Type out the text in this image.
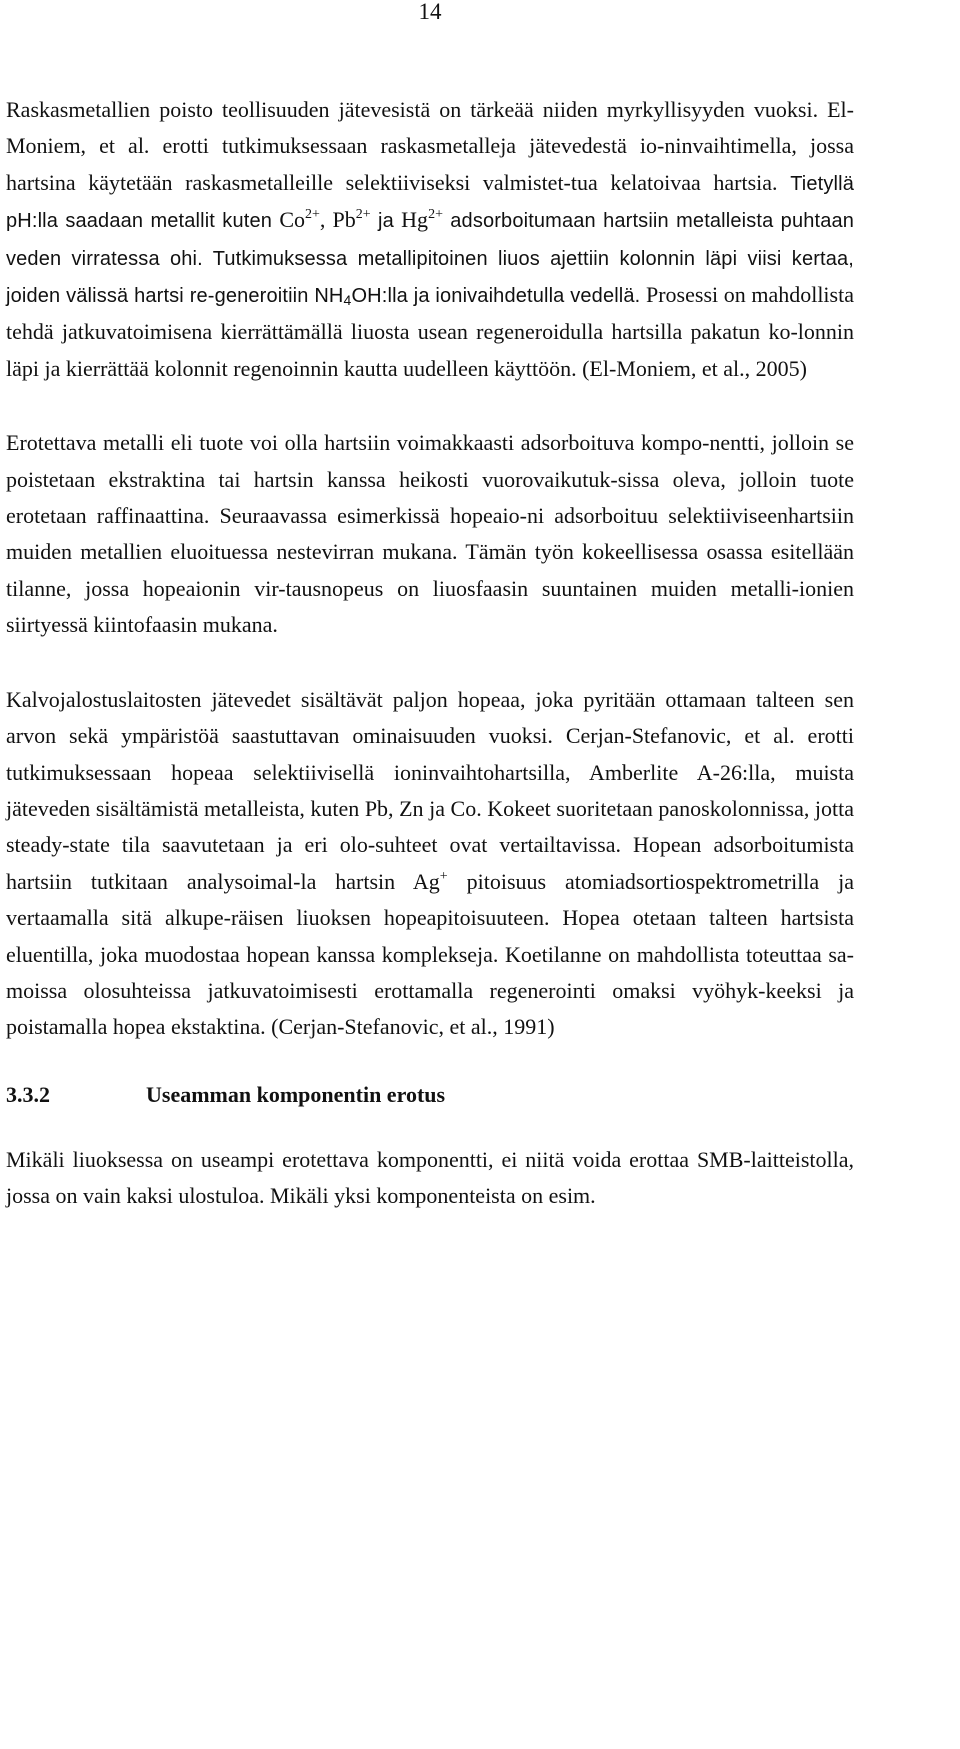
14

Raskasmetallien poisto teollisuuden jätevesistä on tärkeää niiden myrkyllisyyden vuoksi. El-Moniem, et al. erotti tutkimuksessaan raskasmetalleja jätevedestä io-ninvaihtimella, jossa hartsina käytetään raskasmetalleille selektiiviseksi valmistet-tua kelatoivaa hartsia. Tietyllä pH:lla saadaan metallit kuten $Co^{2+}$, $Pb^{2+}$ ja $Hg^{2+}$ adsorboitumaan hartsiin metalleista puhtaan veden virratessa ohi. Tutkimuksessa metallipitoinen liuos ajettiin kolonnin läpi viisi kertaa, joiden välissä hartsi re-generoitiin $NH_4OH:lla$ ja ionivaihdetulla vedellä. Prosessi on mahdollista tehdä jatkuvatoimisena kierrättämällä liuosta usean regeneroidulla hartsilla pakatun ko-lonnin läpi ja kierrättää kolonnit regenoinnin kautta uudelleen käyttöön. (El-Moniem, et al., 2005)

Erotettava metalli eli tuote voi olla hartsiin voimakkaasti adsorboituva kompo-nentti, jolloin se poistetaan ekstraktina tai hartsin kanssa heikosti vuorovaikutuk-sissa oleva, jolloin tuote erotetaan raffinaattina. Seuraavassa esimerkissä hopeaio-ni adsorboituu selektiiviseenhartsiin muiden metallien eluoituessa nestevirran mukana. Tämän työn kokeellisessa osassa esitellään tilanne, jossa hopeaionin vir-tausnopeus on liuosfaasin suuntainen muiden metalli-ionien siirtyessä kiintofaasin mukana.

Kalvojalostuslaitosten jätevedet sisältävät paljon hopeaa, joka pyritään ottamaan talteen sen arvon sekä ympäristöä saastuttavan ominaisuuden vuoksi. Cerjan-Stefanovic, et al. erotti tutkimuksessaan hopeaa selektiivisellä ioninvaihtohartsilla, Amberlite A-26:lla, muista jäteveden sisältämistä metalleista, kuten Pb, Zn ja Co. Kokeet suoritetaan panoskolonnissa, jotta steady-state tila saavutetaan ja eri olo-suhteet ovat vertailtavissa. Hopean adsorboitumista hartsiin tutkitaan analysoimal-la hartsin Ag+ pitoisuus atomiadsortiospektrometrilla ja vertaamalla sitä alkupe-räisen liuoksen hopeapitoisuuteen. Hopea otetaan talteen hartsista eluentilla, joka muodostaa hopean kanssa komplekseja. Koetilanne on mahdollista toteuttaa sa-moissa olosuhteissa jatkuvatoimisesti erottamalla regenerointi omaksi vyöhyk-keeksi ja poistamalla hopea ekstaktina. (Cerjan-Stefanovic, et al., 1991)

3.3.2	Useamman komponentin erotus

Mikäli liuoksessa on useampi erotettava komponentti, ei niitä voida erottaa SMB-laitteistolla, jossa on vain kaksi ulostuloa. Mikäli yksi komponenteista on esim.
